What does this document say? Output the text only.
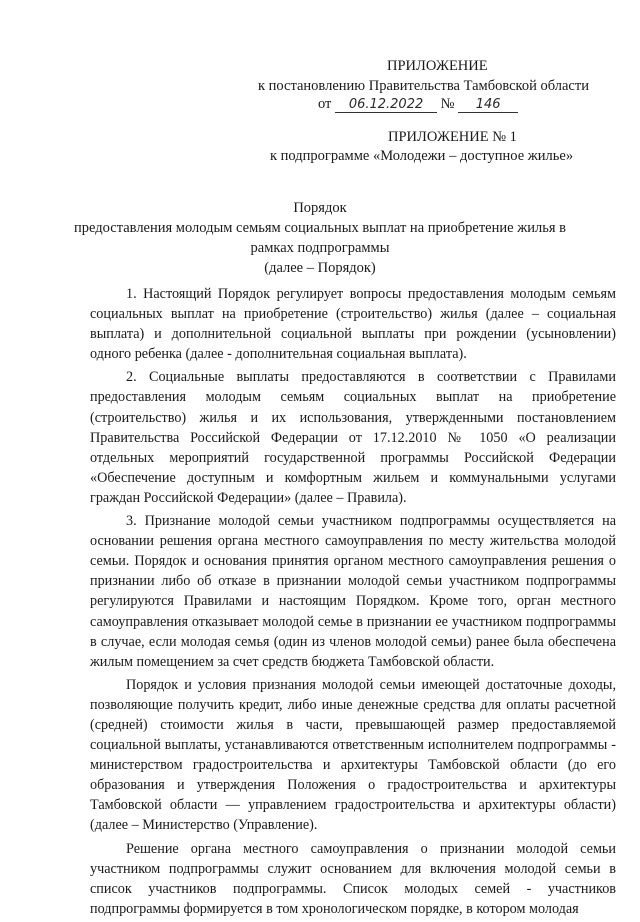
ПРИЛОЖЕНИЕ
к постановлению Правительства Тамбовской области
от 06.12.2022 № 146
ПРИЛОЖЕНИЕ № 1
к подпрограмме «Молодежи – доступное жилье»
Порядок
предоставления молодым семьям социальных выплат на приобретение жилья в рамках подпрограммы
(далее – Порядок)

1. Настоящий Порядок регулирует вопросы предоставления молодым семьям социальных выплат на приобретение (строительство) жилья (далее – социальная выплата) и дополнительной социальной выплаты при рождении (усыновлении) одного ребенка (далее - дополнительная социальная выплата).

2. Социальные выплаты предоставляются в соответствии с Правилами предоставления молодым семьям социальных выплат на приобретение (строительство) жилья и их использования, утвержденными постановлением Правительства Российской Федерации от 17.12.2010 № 1050 «О реализации отдельных мероприятий государственной программы Российской Федерации «Обеспечение доступным и комфортным жильем и коммунальными услугами граждан Российской Федерации» (далее – Правила).

3. Признание молодой семьи участником подпрограммы осуществляется на основании решения органа местного самоуправления по месту жительства молодой семьи. Порядок и основания принятия органом местного самоуправления решения о признании либо об отказе в признании молодой семьи участником подпрограммы регулируются Правилами и настоящим Порядком. Кроме того, орган местного самоуправления отказывает молодой семье в признании ее участником подпрограммы в случае, если молодая семья (один из членов молодой семьи) ранее была обеспечена жилым помещением за счет средств бюджета Тамбовской области.

Порядок и условия признания молодой семьи имеющей достаточные доходы, позволяющие получить кредит, либо иные денежные средства для оплаты расчетной (средней) стоимости жилья в части, превышающей размер предоставляемой социальной выплаты, устанавливаются ответственным исполнителем подпрограммы - министерством градостроительства и архитектуры Тамбовской области (до его образования и утверждения Положения о градостроительства и архитектуры Тамбовской области — управлением градостроительства и архитектуры области) (далее – Министерство (Управление).

Решение органа местного самоуправления о признании молодой семьи участником подпрограммы служит основанием для включения молодой семьи в список участников подпрограммы. Список молодых семей - участников подпрограммы формируется в том хронологическом порядке, в котором молодая
